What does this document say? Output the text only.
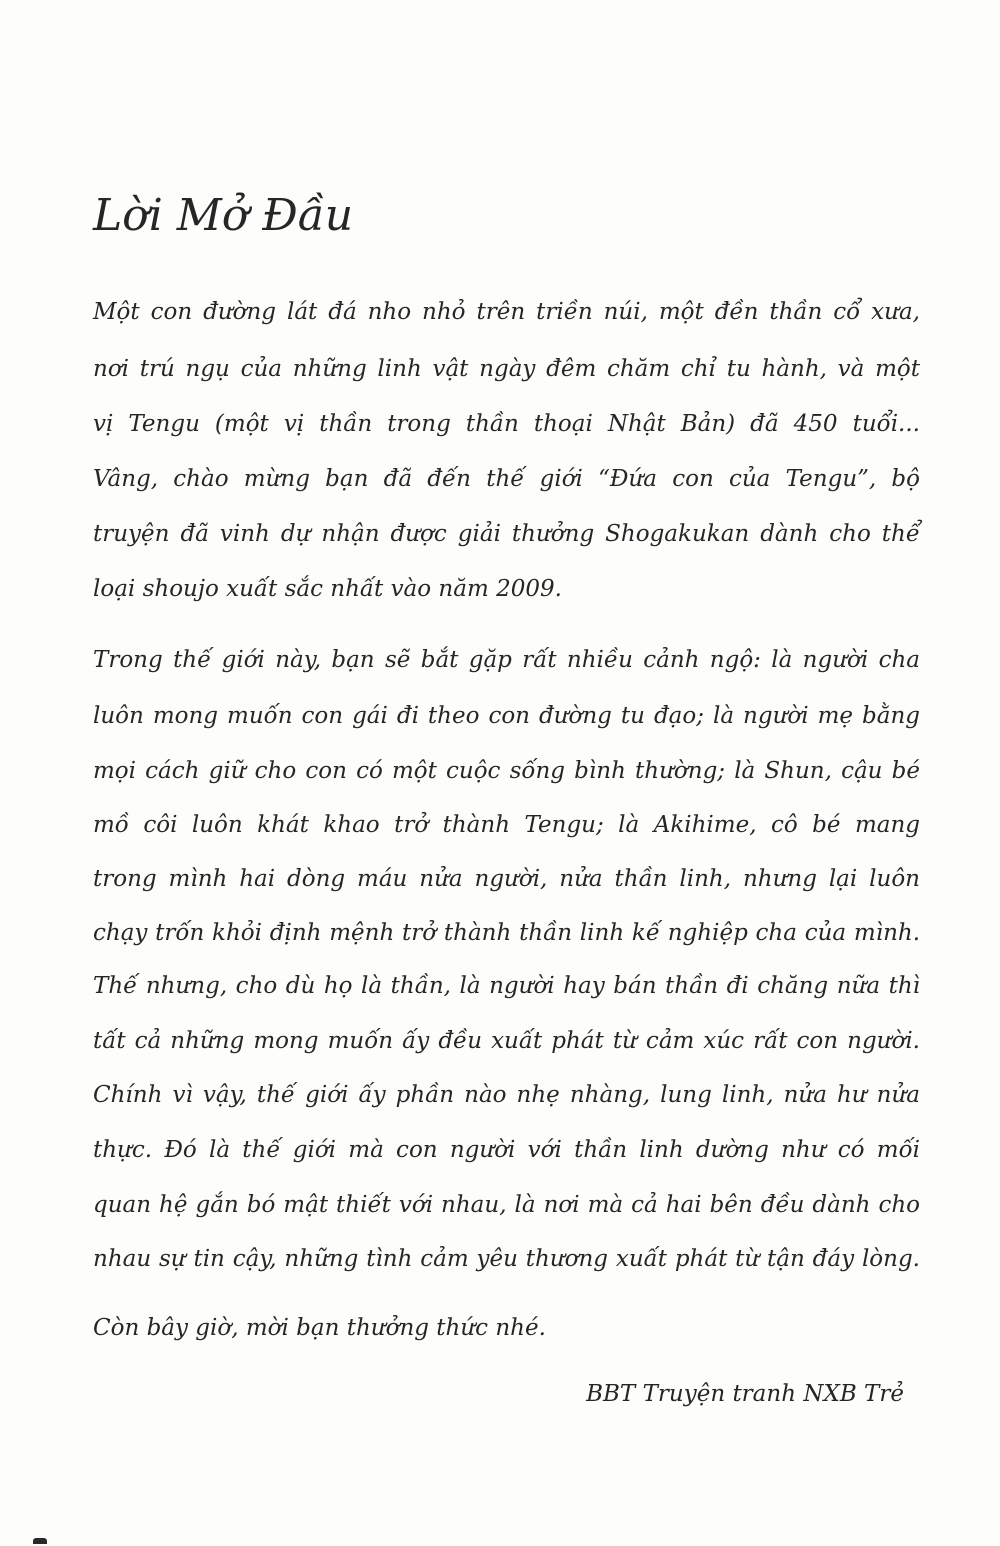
Lời Mở Đầu

Một con đường lát đá nho nhỏ trên triền núi, một đền thần cổ xưa,

nơi trú ngụ của những linh vật ngày đêm chăm chỉ tu hành, và một

vị Tengu (một vị thần trong thần thoại Nhật Bản) đã 450 tuổi...

Vâng, chào mừng bạn đã đến thế giới “Đứa con của Tengu”, bộ

truyện đã vinh dự nhận được giải thưởng Shogakukan dành cho thể

loại shoujo xuất sắc nhất vào năm 2009.

Trong thế giới này, bạn sẽ bắt gặp rất nhiều cảnh ngộ: là người cha

luôn mong muốn con gái đi theo con đường tu đạo; là người mẹ bằng

mọi cách giữ cho con có một cuộc sống bình thường; là Shun, cậu bé

mồ côi luôn khát khao trở thành Tengu; là Akihime, cô bé mang

trong mình hai dòng máu nửa người, nửa thần linh, nhưng lại luôn

chạy trốn khỏi định mệnh trở thành thần linh kế nghiệp cha của mình.

Thế nhưng, cho dù họ là thần, là người hay bán thần đi chăng nữa thì

tất cả những mong muốn ấy đều xuất phát từ cảm xúc rất con người.

Chính vì vậy, thế giới ấy phần nào nhẹ nhàng, lung linh, nửa hư nửa

thực. Đó là thế giới mà con người với thần linh dường như có mối

quan hệ gắn bó mật thiết với nhau, là nơi mà cả hai bên đều dành cho

nhau sự tin cậy, những tình cảm yêu thương xuất phát từ tận đáy lòng.

Còn bây giờ, mời bạn thưởng thức nhé.

BBT Truyện tranh NXB Trẻ
